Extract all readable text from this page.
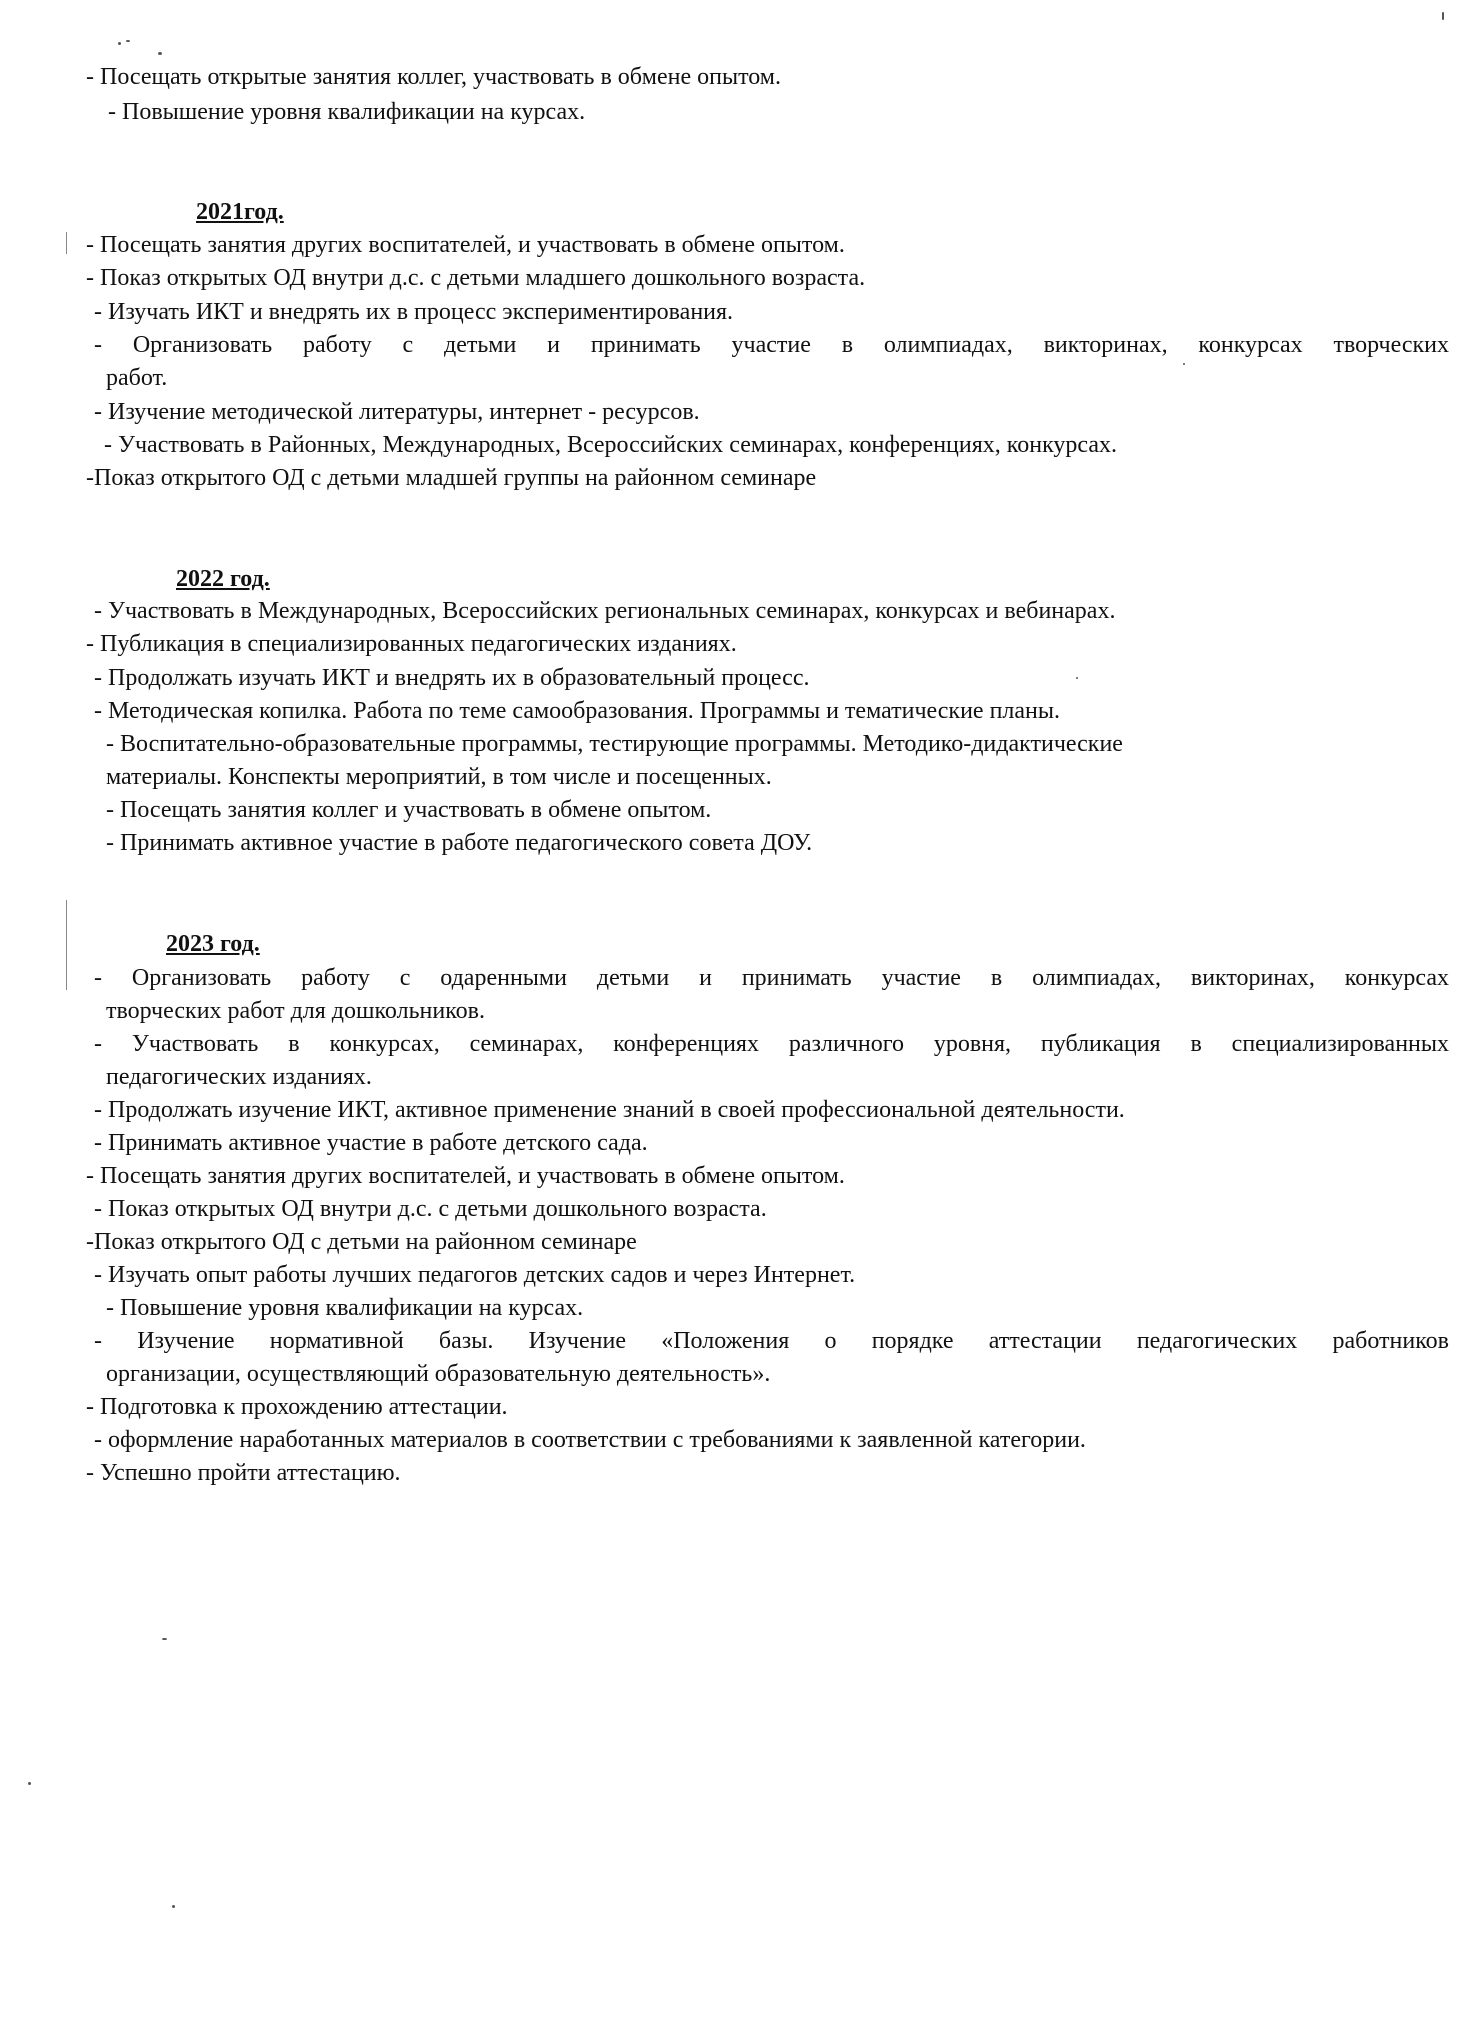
- Посещать открытые занятия коллег, участвовать в обмене опытом.
- Повышение уровня квалификации на курсах.
2021год.
- Посещать занятия других воспитателей, и участвовать в обмене опытом.
- Показ открытых ОД внутри д.с. с детьми младшего дошкольного возраста.
- Изучать ИКТ и внедрять их в процесс экспериментирования.
- Организовать работу с детьми и принимать участие в олимпиадах, викторинах, конкурсах творческих
работ.
- Изучение методической литературы, интернет - ресурсов.
- Участвовать в Районных, Международных, Всероссийских семинарах, конференциях, конкурсах.
-Показ открытого ОД с детьми младшей группы на районном семинаре
2022 год.
- Участвовать в Международных, Всероссийских региональных семинарах, конкурсах и вебинарах.
- Публикация в специализированных педагогических изданиях.
- Продолжать изучать ИКТ и внедрять их в образовательный процесс.
- Методическая копилка. Работа по теме самообразования. Программы и тематические планы.
- Воспитательно-образовательные программы, тестирующие программы. Методико-дидактические
материалы. Конспекты мероприятий, в том числе и посещенных.
- Посещать занятия коллег и участвовать в обмене опытом.
- Принимать активное участие в работе педагогического совета ДОУ.
2023 год.
- Организовать работу с одаренными детьми и принимать участие в олимпиадах, викторинах, конкурсах
творческих работ для дошкольников.
- Участвовать в конкурсах, семинарах, конференциях различного уровня, публикация в специализированных
педагогических изданиях.
- Продолжать изучение ИКТ, активное применение знаний в своей профессиональной деятельности.
- Принимать активное участие в работе детского сада.
- Посещать занятия других воспитателей, и участвовать в обмене опытом.
- Показ открытых ОД внутри д.с. с детьми дошкольного возраста.
-Показ открытого ОД с детьми на районном семинаре
- Изучать опыт работы лучших педагогов детских садов и через Интернет.
- Повышение уровня квалификации на курсах.
- Изучение нормативной базы. Изучение «Положения о порядке аттестации педагогических работников
организации, осуществляющий образовательную деятельность».
- Подготовка к прохождению аттестации.
- оформление наработанных материалов в соответствии с требованиями к заявленной категории.
- Успешно пройти аттестацию.
